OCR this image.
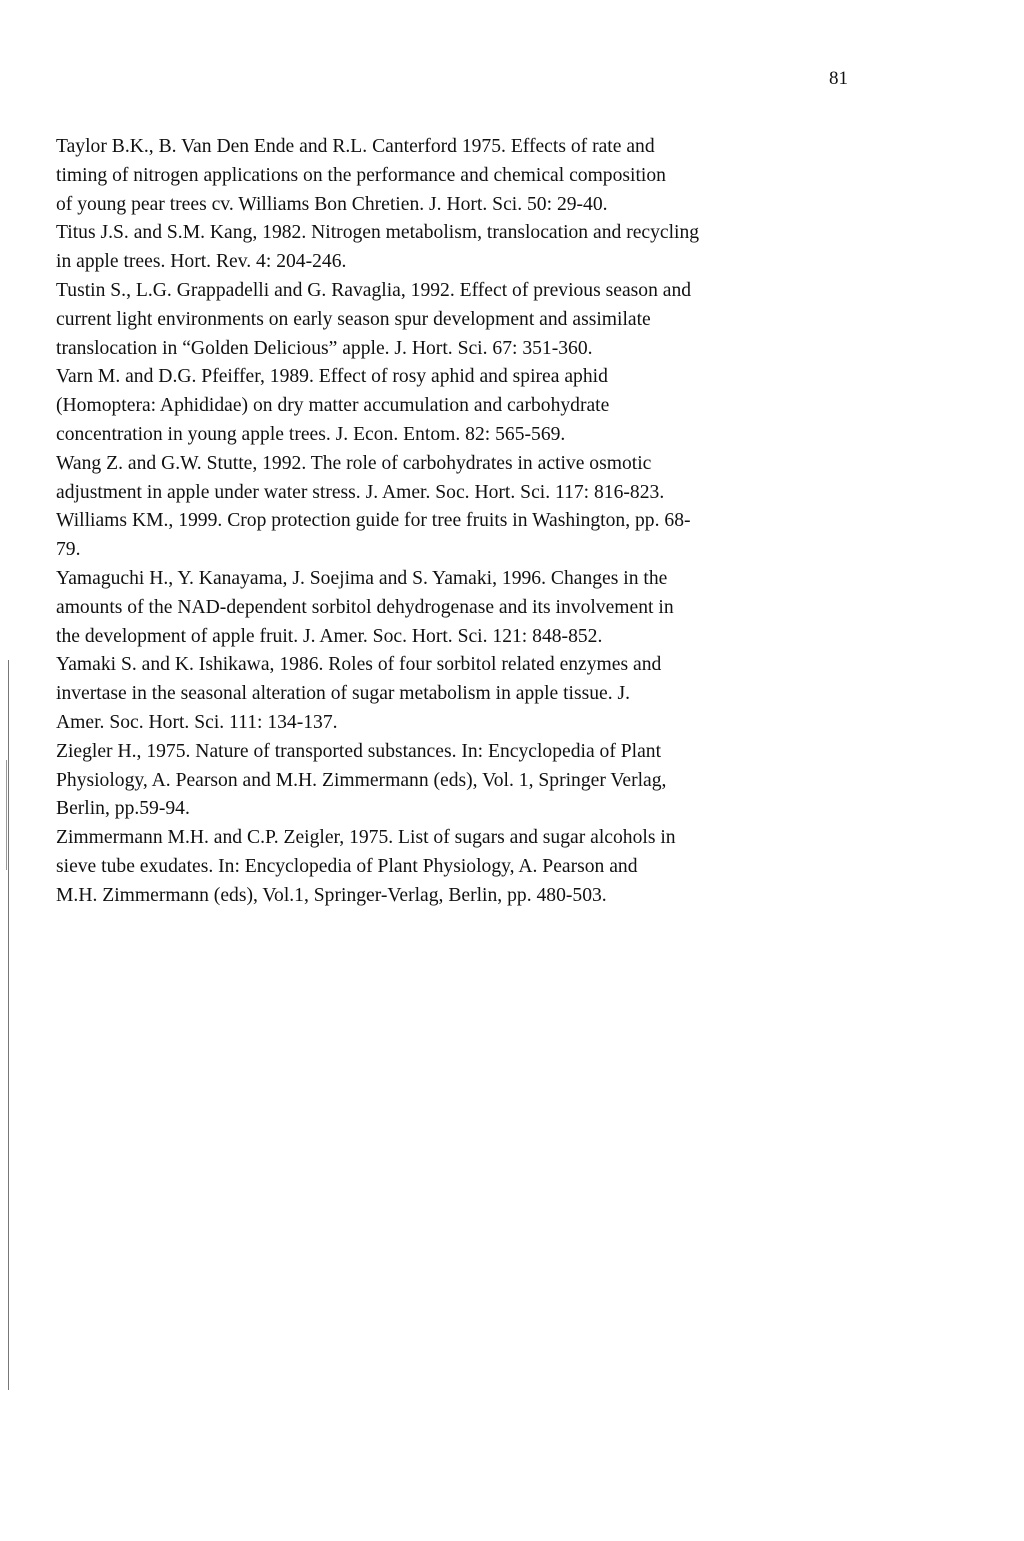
81
Taylor B.K., B. Van Den Ende and R.L. Canterford 1975. Effects of rate and
timing of nitrogen applications on the performance and chemical composition
of young pear trees cv. Williams Bon Chretien. J. Hort. Sci. 50: 29-40.
Titus J.S. and S.M. Kang, 1982. Nitrogen metabolism, translocation and recycling
in apple trees. Hort. Rev. 4: 204-246.
Tustin S., L.G. Grappadelli and G. Ravaglia, 1992. Effect of previous season and
current light environments on early season spur development and assimilate
translocation in “Golden Delicious” apple. J. Hort. Sci. 67: 351-360.
Varn M. and D.G. Pfeiffer, 1989. Effect of rosy aphid and spirea aphid
(Homoptera: Aphididae) on dry matter accumulation and carbohydrate
concentration in young apple trees. J. Econ. Entom. 82: 565-569.
Wang Z. and G.W. Stutte, 1992. The role of carbohydrates in active osmotic
adjustment in apple under water stress. J. Amer. Soc. Hort. Sci. 117: 816-823.
Williams KM., 1999. Crop protection guide for tree fruits in Washington, pp. 68-
79.
Yamaguchi H., Y. Kanayama, J. Soejima and S. Yamaki, 1996. Changes in the
amounts of the NAD-dependent sorbitol dehydrogenase and its involvement in
the development of apple fruit. J. Amer. Soc. Hort. Sci. 121: 848-852.
Yamaki S. and K. Ishikawa, 1986. Roles of four sorbitol related enzymes and
invertase in the seasonal alteration of sugar metabolism in apple tissue. J.
Amer. Soc. Hort. Sci. 111: 134-137.
Ziegler H., 1975. Nature of transported substances. In: Encyclopedia of Plant
Physiology, A. Pearson and M.H. Zimmermann (eds), Vol. 1, Springer Verlag,
Berlin, pp.59-94.
Zimmermann M.H. and C.P. Zeigler, 1975. List of sugars and sugar alcohols in
sieve tube exudates. In: Encyclopedia of Plant Physiology, A. Pearson and
M.H. Zimmermann (eds), Vol.1, Springer-Verlag, Berlin, pp. 480-503.
